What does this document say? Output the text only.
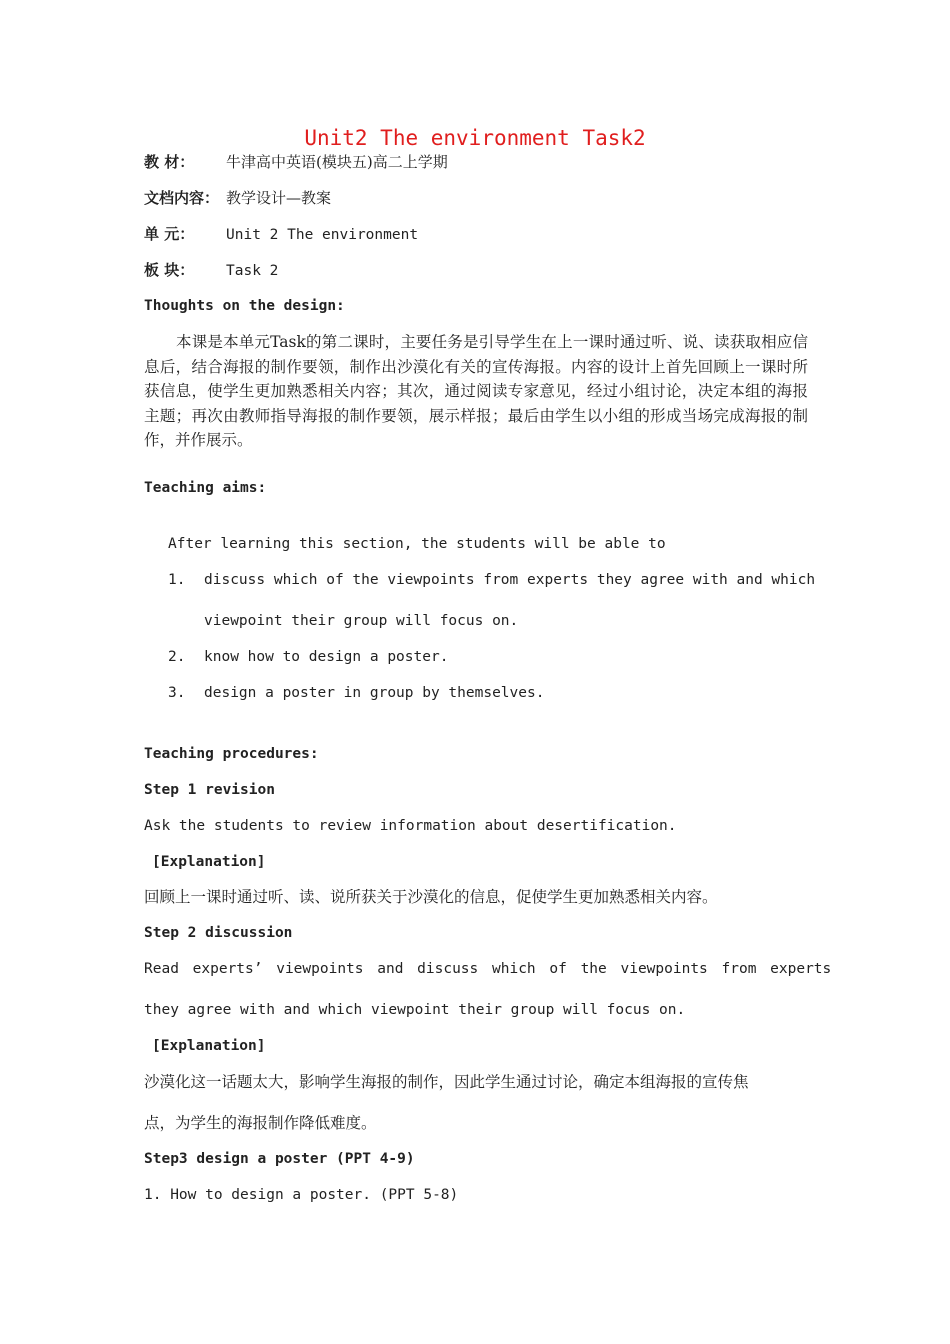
Unit2 The environment Task2
教 材： 牛津高中英语(模块五)高二上学期
文档内容： 教学设计—教案
单 元： Unit 2 The environment
板 块： Task 2
Thoughts on the design:
本课是本单元Task的第二课时，主要任务是引导学生在上一课时通过听、说、读获取相应信息后，结合海报的制作要领，制作出沙漠化有关的宣传海报。内容的设计上首先回顾上一课时所获信息，使学生更加熟悉相关内容；其次，通过阅读专家意见，经过小组讨论，决定本组的海报主题；再次由教师指导海报的制作要领，展示样报；最后由学生以小组的形成当场完成海报的制作，并作展示。
Teaching aims:
After learning this section, the students will be able to
1. discuss which of the viewpoints from experts they agree with and which
viewpoint their group will focus on.
2. know how to design a poster.
3. design a poster in group by themselves.
Teaching procedures:
Step 1 revision
Ask the students to review information about desertification.
[Explanation]
回顾上一课时通过听、读、说所获关于沙漠化的信息，促使学生更加熟悉相关内容。
Step 2 discussion
Read experts’ viewpoints and discuss which of the viewpoints from experts
they agree with and which viewpoint their group will focus on.
[Explanation]
沙漠化这一话题太大，影响学生海报的制作，因此学生通过讨论，确定本组海报的宣传焦
点，为学生的海报制作降低难度。
Step3 design a poster (PPT 4-9)
1. How to design a poster. (PPT 5-8)
